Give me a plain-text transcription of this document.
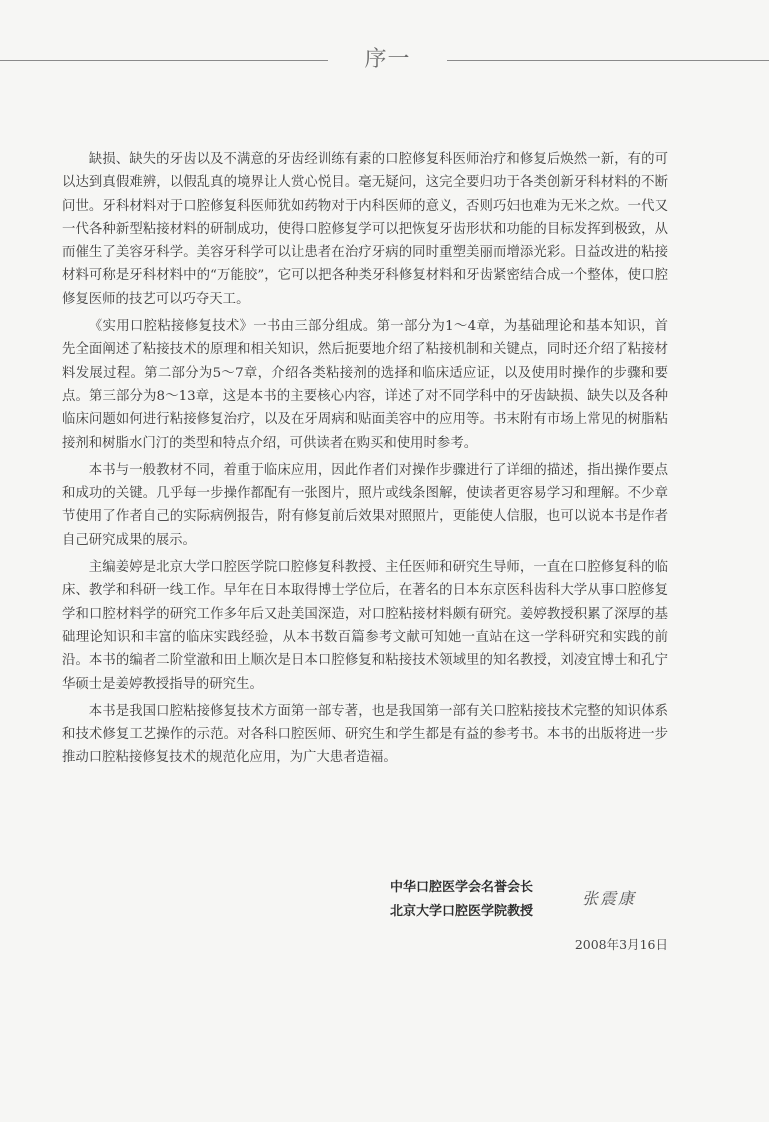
序一

缺损、缺失的牙齿以及不满意的牙齿经训练有素的口腔修复科医师治疗和修复后焕然一新，有的可以达到真假难辨，以假乱真的境界让人赏心悦目。毫无疑问，这完全要归功于各类创新牙科材料的不断问世。牙科材料对于口腔修复科医师犹如药物对于内科医师的意义，否则巧妇也难为无米之炊。一代又一代各种新型粘接材料的研制成功，使得口腔修复学可以把恢复牙齿形状和功能的目标发挥到极致，从而催生了美容牙科学。美容牙科学可以让患者在治疗牙病的同时重塑美丽而增添光彩。日益改进的粘接材料可称是牙科材料中的“万能胶”，它可以把各种类牙科修复材料和牙齿紧密结合成一个整体，使口腔修复医师的技艺可以巧夺天工。

《实用口腔粘接修复技术》一书由三部分组成。第一部分为1～4章，为基础理论和基本知识，首先全面阐述了粘接技术的原理和相关知识，然后扼要地介绍了粘接机制和关键点，同时还介绍了粘接材料发展过程。第二部分为5～7章，介绍各类粘接剂的选择和临床适应证，以及使用时操作的步骤和要点。第三部分为8～13章，这是本书的主要核心内容，详述了对不同学科中的牙齿缺损、缺失以及各种临床问题如何进行粘接修复治疗，以及在牙周病和贴面美容中的应用等。书末附有市场上常见的树脂粘接剂和树脂水门汀的类型和特点介绍，可供读者在购买和使用时参考。

本书与一般教材不同，着重于临床应用，因此作者们对操作步骤进行了详细的描述，指出操作要点和成功的关键。几乎每一步操作都配有一张图片，照片或线条图解，使读者更容易学习和理解。不少章节使用了作者自己的实际病例报告，附有修复前后效果对照照片，更能使人信服，也可以说本书是作者自己研究成果的展示。

主编姜婷是北京大学口腔医学院口腔修复科教授、主任医师和研究生导师，一直在口腔修复科的临床、教学和科研一线工作。早年在日本取得博士学位后，在著名的日本东京医科齿科大学从事口腔修复学和口腔材料学的研究工作多年后又赴美国深造，对口腔粘接材料颇有研究。姜婷教授积累了深厚的基础理论知识和丰富的临床实践经验，从本书数百篇参考文献可知她一直站在这一学科研究和实践的前沿。本书的编者二阶堂澈和田上顺次是日本口腔修复和粘接技术领域里的知名教授，刘凌宜博士和孔宁华硕士是姜婷教授指导的研究生。

本书是我国口腔粘接修复技术方面第一部专著，也是我国第一部有关口腔粘接技术完整的知识体系和技术修复工艺操作的示范。对各科口腔医师、研究生和学生都是有益的参考书。本书的出版将进一步推动口腔粘接修复技术的规范化应用，为广大患者造福。

中华口腔医学会名誉会长
北京大学口腔医学院教授
张震康
2008年3月16日
